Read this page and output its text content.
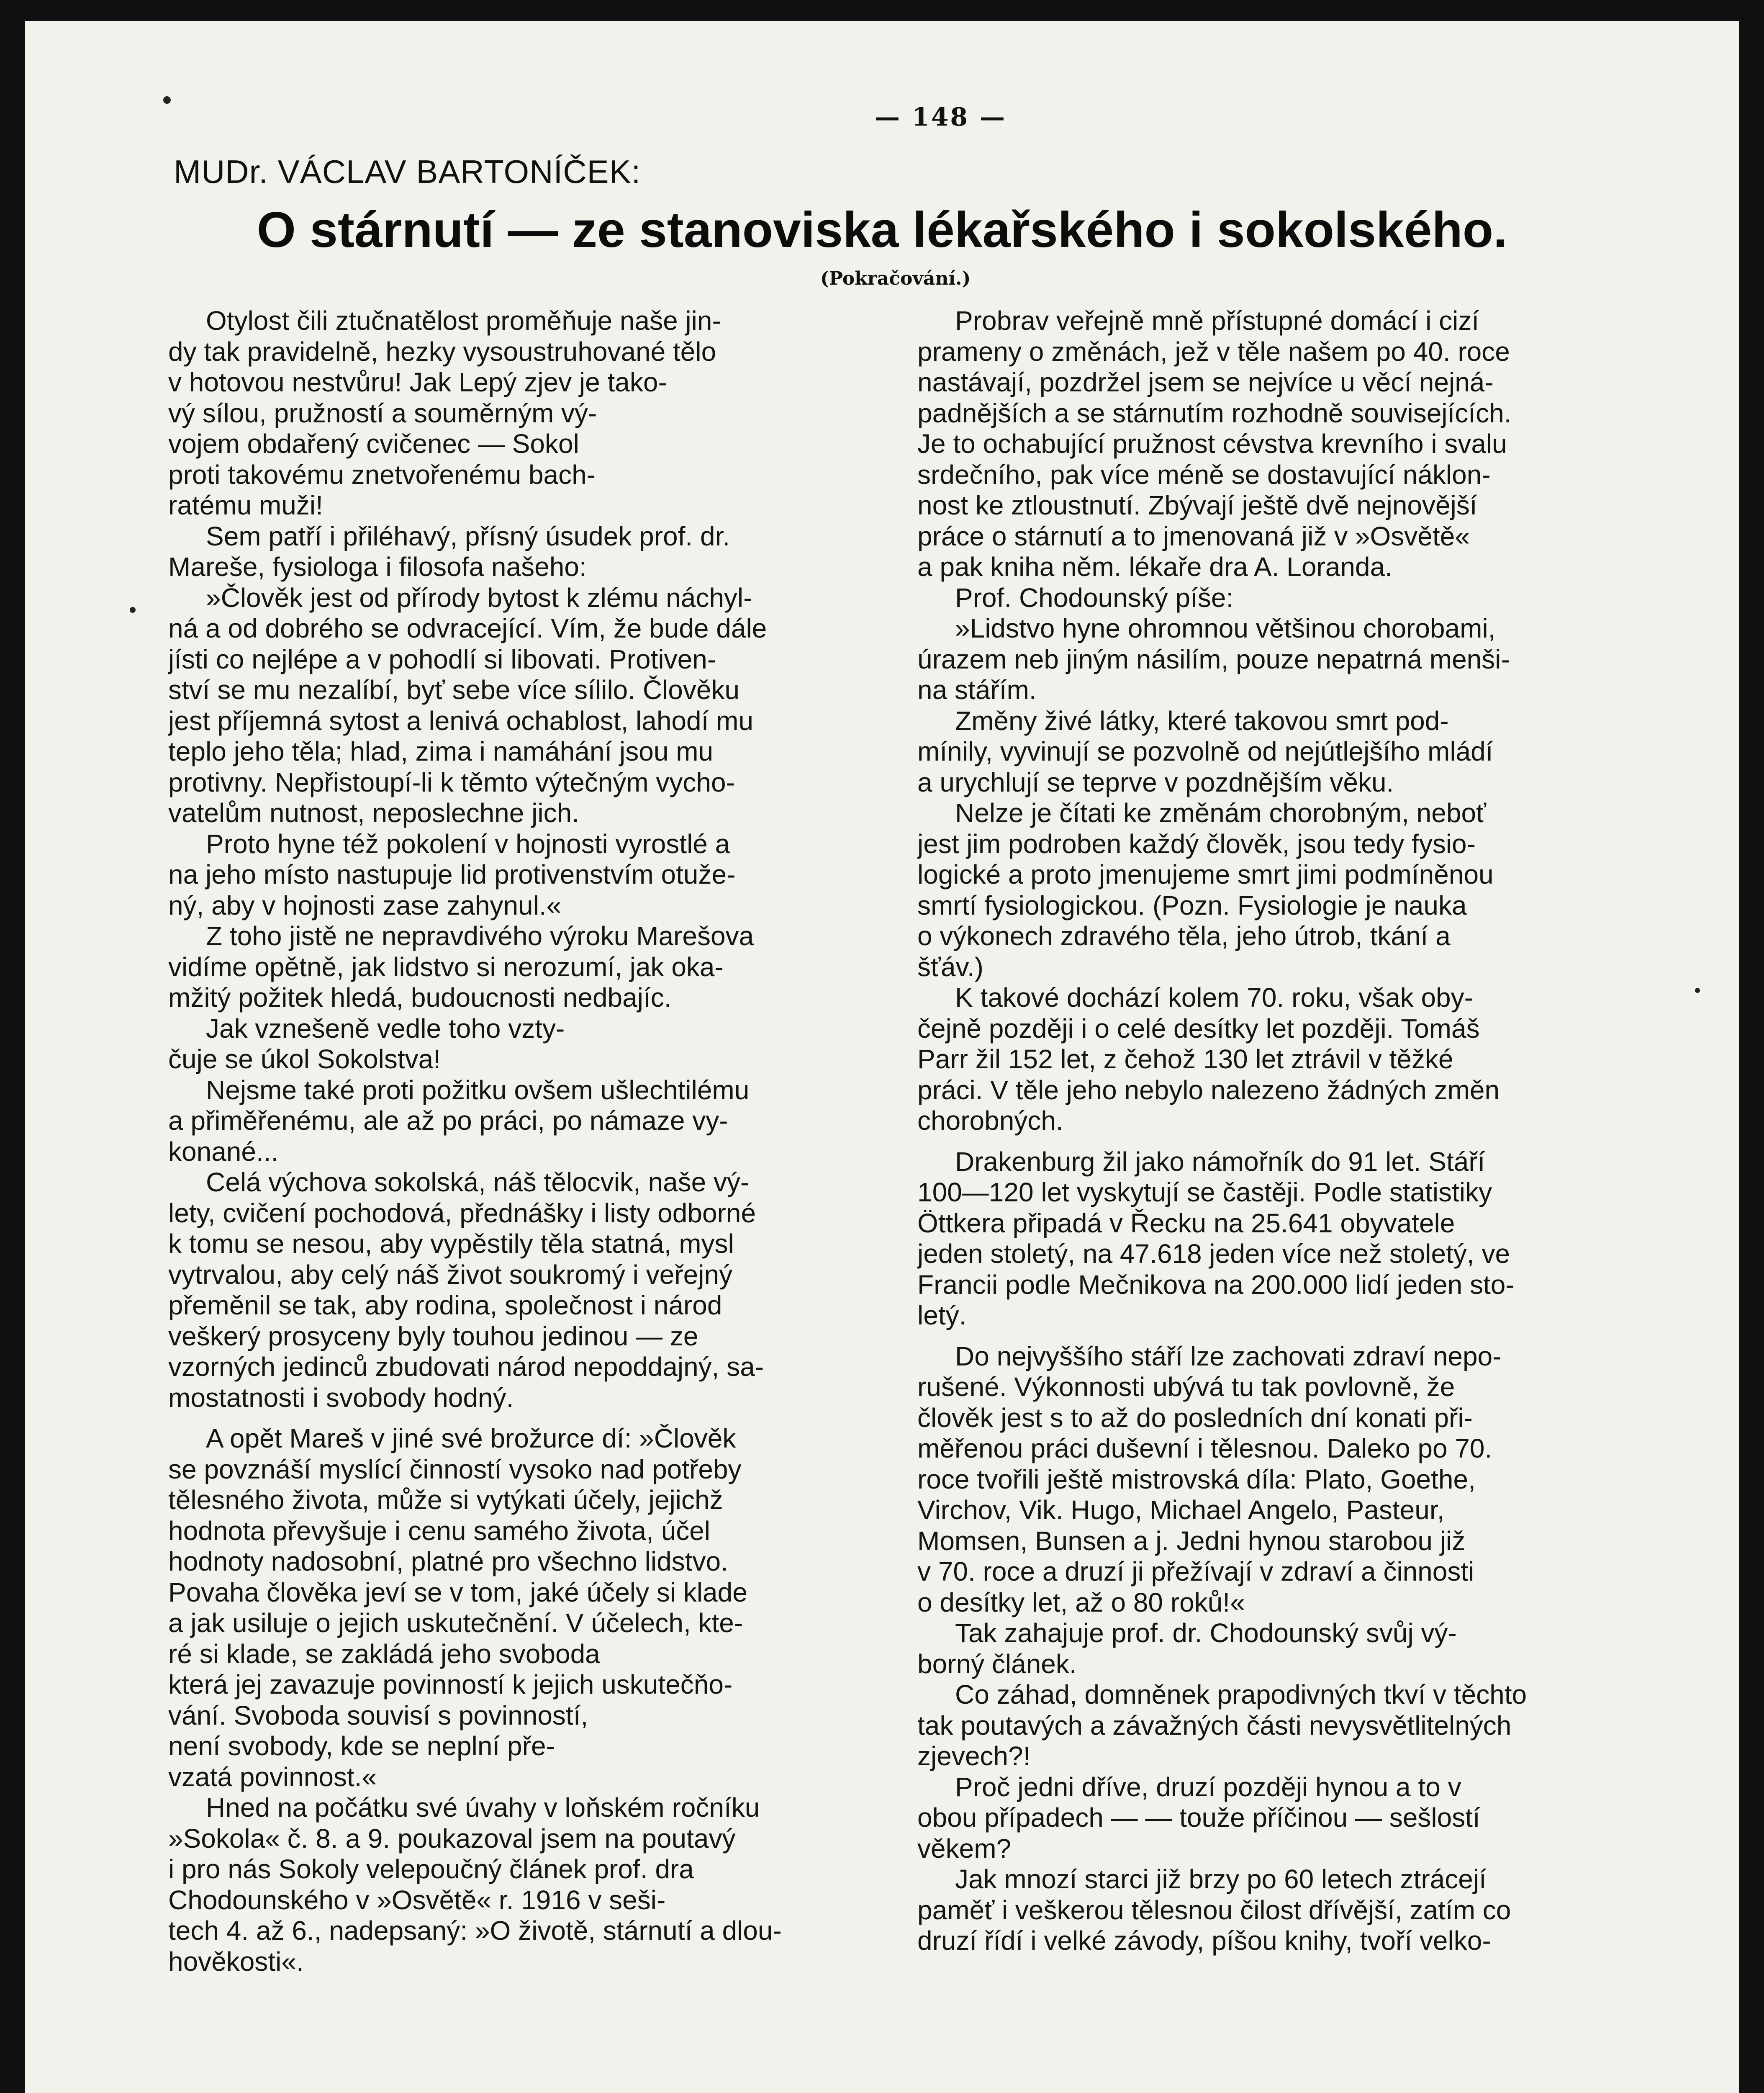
— 148 —
MUDr. VÁCLAV BARTONÍČEK:
O stárnutí — ze stanoviska lékařského i sokolského.
(Pokračování.)
Otylost čili ztučnatělost proměňuje naše jin-
dy tak pravidelně, hezky vysoustruhované tělo
v hotovou nestvůru! Jak Lepý zjev je tako-
vý sílou, pružností a souměrným vý-
vojem obdařený cvičenec — Sokol
proti takovému znetvořenému bach-
ratému muži!
Sem patří i přiléhavý, přísný úsudek prof. dr.
Mareše, fysiologa i filosofa našeho:
»Člověk jest od přírody bytost k zlému náchyl-
ná a od dobrého se odvracející. Vím, že bude dále
jísti co nejlépe a v pohodlí si libovati. Protiven-
ství se mu nezalíbí, byť sebe více sílilo. Člověku
jest příjemná sytost a lenivá ochablost, lahodí mu
teplo jeho těla; hlad, zima i namáhání jsou mu
protivny. Nepřistoupí-li k těmto výtečným vycho-
vatelům nutnost, neposlechne jich.
Proto hyne též pokolení v hojnosti vyrostlé a
na jeho místo nastupuje lid protivenstvím otuže-
ný, aby v hojnosti zase zahynul.«
Z toho jistě ne nepravdivého výroku Marešova
vidíme opětně, jak lidstvo si nerozumí, jak oka-
mžitý požitek hledá, budoucnosti nedbajíc.
Jak vznešeně vedle toho vzty-
čuje se úkol Sokolstva!
Nejsme také proti požitku ovšem ušlechtilému
a přiměřenému, ale až po práci, po námaze vy-
konané...
Celá výchova sokolská, náš tělocvik, naše vý-
lety, cvičení pochodová, přednášky i listy odborné
k tomu se nesou, aby vypěstily těla statná, mysl
vytrvalou, aby celý náš život soukromý i veřejný
přeměnil se tak, aby rodina, společnost i národ
veškerý prosyceny byly touhou jedinou — ze
vzorných jedinců zbudovati národ nepoddajný, sa-
mostatnosti i svobody hodný.
A opět Mareš v jiné své brožurce dí: »Člověk
se povznáší myslící činností vysoko nad potřeby
tělesného života, může si vytýkati účely, jejichž
hodnota převyšuje i cenu samého života, účel
hodnoty nadosobní, platné pro všechno lidstvo.
Povaha člověka jeví se v tom, jaké účely si klade
a jak usiluje o jejich uskutečnění. V účelech, kte-
ré si klade, se zakládá jeho svoboda
která jej zavazuje povinností k jejich uskutečňo-
vání. Svoboda souvisí s povinností,
není svobody, kde se neplní pře-
vzatá povinnost.«
Hned na počátku své úvahy v loňském ročníku
»Sokola« č. 8. a 9. poukazoval jsem na poutavý
i pro nás Sokoly velepoučný článek prof. dra
Chodounského v »Osvětě« r. 1916 v seši-
tech 4. až 6., nadepsaný: »O životě, stárnutí a dlou-
hověkosti«.
Probrav veřejně mně přístupné domácí i cizí
prameny o změnách, jež v těle našem po 40. roce
nastávají, pozdržel jsem se nejvíce u věcí nejná-
padnějších a se stárnutím rozhodně souvisejících.
Je to ochabující pružnost cévstva krevního i svalu
srdečního, pak více méně se dostavující náklon-
nost ke ztloustnutí. Zbývají ještě dvě nejnovější
práce o stárnutí a to jmenovaná již v »Osvětě«
a pak kniha něm. lékaře dra A. Loranda.
Prof. Chodounský píše:
»Lidstvo hyne ohromnou většinou chorobami,
úrazem neb jiným násilím, pouze nepatrná menši-
na stářím.
Změny živé látky, které takovou smrt pod-
mínily, vyvinují se pozvolně od nejútlejšího mládí
a urychlují se teprve v pozdnějším věku.
Nelze je čítati ke změnám chorobným, neboť
jest jim podroben každý člověk, jsou tedy fysio-
logické a proto jmenujeme smrt jimi podmíněnou
smrtí fysiologickou. (Pozn. Fysiologie je nauka
o výkonech zdravého těla, jeho útrob, tkání a
šťáv.)
K takové dochází kolem 70. roku, však oby-
čejně později i o celé desítky let později. Tomáš
Parr žil 152 let, z čehož 130 let ztrávil v těžké
práci. V těle jeho nebylo nalezeno žádných změn
chorobných.
Drakenburg žil jako námořník do 91 let. Stáří
100—120 let vyskytují se častěji. Podle statistiky
Öttkera připadá v Řecku na 25.641 obyvatele
jeden stoletý, na 47.618 jeden více než stoletý, ve
Francii podle Mečnikova na 200.000 lidí jeden sto-
letý.
Do nejvyššího stáří lze zachovati zdraví nepo-
rušené. Výkonnosti ubývá tu tak povlovně, že
člověk jest s to až do posledních dní konati při-
měřenou práci duševní i tělesnou. Daleko po 70.
roce tvořili ještě mistrovská díla: Plato, Goethe,
Virchov, Vik. Hugo, Michael Angelo, Pasteur,
Momsen, Bunsen a j. Jedni hynou starobou již
v 70. roce a druzí ji přežívají v zdraví a činnosti
o desítky let, až o 80 roků!«
Tak zahajuje prof. dr. Chodounský svůj vý-
borný článek.
Co záhad, domněnek prapodivných tkví v těchto
tak poutavých a závažných části nevysvětlitelných
zjevech?!
Proč jedni dříve, druzí později hynou a to v
obou případech — — touže příčinou — sešlostí
věkem?
Jak mnozí starci již brzy po 60 letech ztrácejí
paměť i veškerou tělesnou čilost dřívější, zatím co
druzí řídí i velké závody, píšou knihy, tvoří velko-
